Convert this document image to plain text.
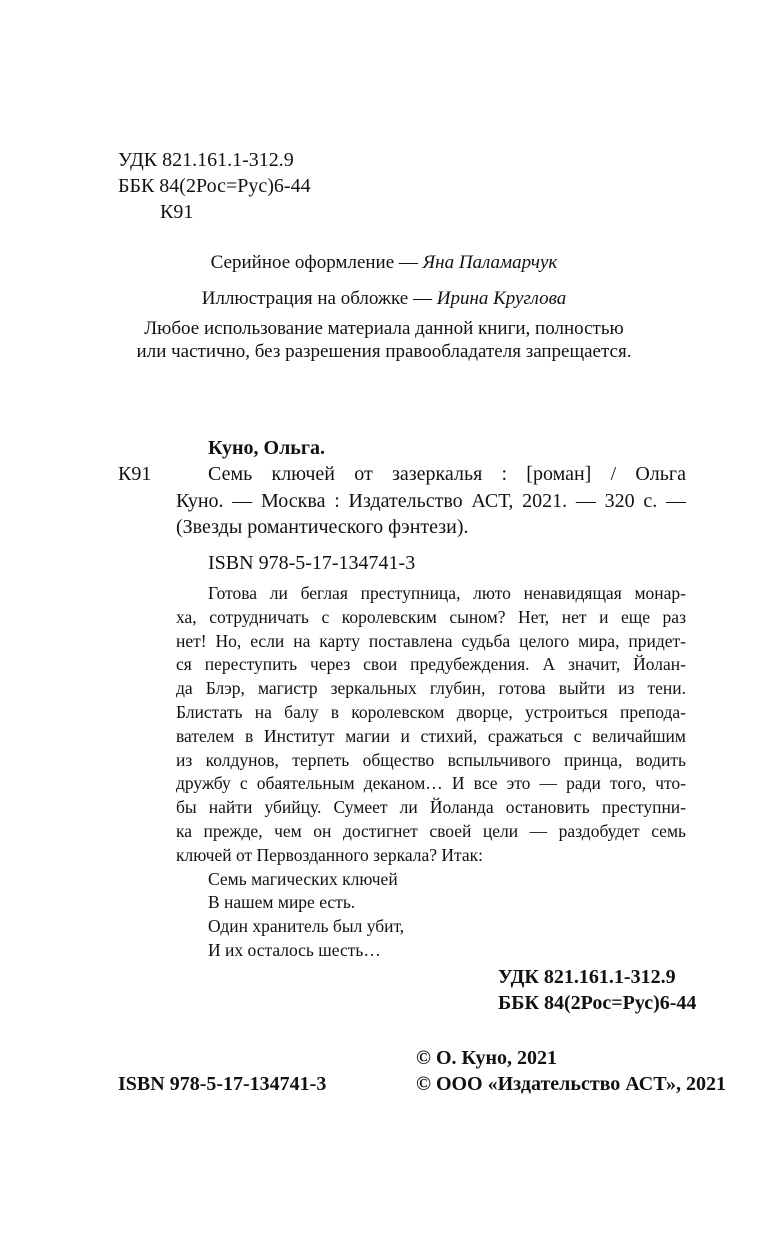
УДК 821.161.1-312.9
ББК 84(2Рос=Рус)6-44
К91
Серийное оформление — Яна Паламарчук
Иллюстрация на обложке — Ирина Круглова
Любое использование материала данной книги, полностью
или частично, без разрешения правообладателя запрещается.
Куно, Ольга.
К91	Семь ключей от зазеркалья : [роман] / Ольга
Куно. — Москва : Издательство АСТ, 2021. — 320 с. —
(Звезды романтического фэнтези).
ISBN 978-5-17-134741-3
Готова ли беглая преступница, люто ненавидящая монар-
ха, сотрудничать с королевским сыном? Нет, нет и еще раз
нет! Но, если на карту поставлена судьба целого мира, придет-
ся переступить через свои предубеждения. А значит, Йолан-
да Блэр, магистр зеркальных глубин, готова выйти из тени.
Блистать на балу в королевском дворце, устроиться препода-
вателем в Институт магии и стихий, сражаться с величайшим
из колдунов, терпеть общество вспыльчивого принца, водить
дружбу с обаятельным деканом… И все это — ради того, что-
бы найти убийцу. Сумеет ли Йоланда остановить преступни-
ка прежде, чем он достигнет своей цели — раздобудет семь
ключей от Первозданного зеркала? Итак:
Семь магических ключей
В нашем мире есть.
Один хранитель был убит,
И их осталось шесть…
УДК 821.161.1-312.9
ББК 84(2Рос=Рус)6-44
© О. Куно, 2021
ISBN 978-5-17-134741-3	© ООО «Издательство АСТ», 2021
